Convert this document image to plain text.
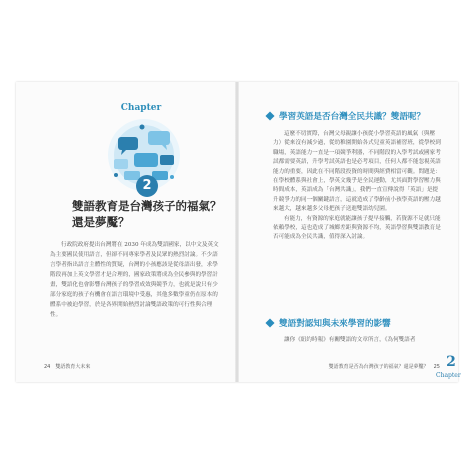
Chapter
2
雙語教育是台灣孩子的福氣？
還是夢魘？

行政院政府提出台灣將在 2030 年成為雙語國家，以中文及英文為主要國民使用語言，但卻不同專家學者及民眾的熱烈討論。不少語言學者指出語言主體性的質疑，台灣的小孩應該是從母語出發，求學階段再加上英文學習才是合理的，國家政策將成為全民參與的學習計畫，雙語化也會影響台灣孩子的學習成效與競爭力，也就是說只有少部分家庭的孩子有機會在語言環境中受惠，其他多數學童仍在原本的體系中被迫學習，於是各界開始熱烈討論雙語政策的可行性與合理性。

24　雙語教育大未來
學習英語是否台灣全民共識？雙語呢？

這麼不切實際，台灣父母親讓小孩從小學習英語的風氣（與壓力）從來沒有減少過，從幼稚園開始各式兒童英語補習班，從學校到職場，英語能力一直是一項競爭利器，不同階段的入學考試或國家考試都需要英語，升學考試英語也是必考項目，任何人都不能忽視英語能力的重要，因此在不同階段投資的時間與經費相當可觀。問題是：在學校體系與社會上，學英文幾乎是全民運動，尤其面對學習壓力與時間成本，英語成為「台灣共識」，我們一直宣傳說得「英語」是提升競爭力的同一個關鍵語言，這就造成了學齡前小孩學英語的壓力越來越大，越來越多父母把孩子送進雙語幼兒園。

有能力，有資源的家庭就能讓孩子提早接觸，若資源不足就只能依賴學校，這也造成了城鄉差距與資源不均，英語學習與雙語教育是否可能成為全民共識，值得深入討論。

雙語對認知與未來學習的影響

讓你《紐約時報》有關雙語的文章所言，《為何雙語者

雙語教育是否為台灣孩子的福氣？還是夢魘？　25 2
Chapter
